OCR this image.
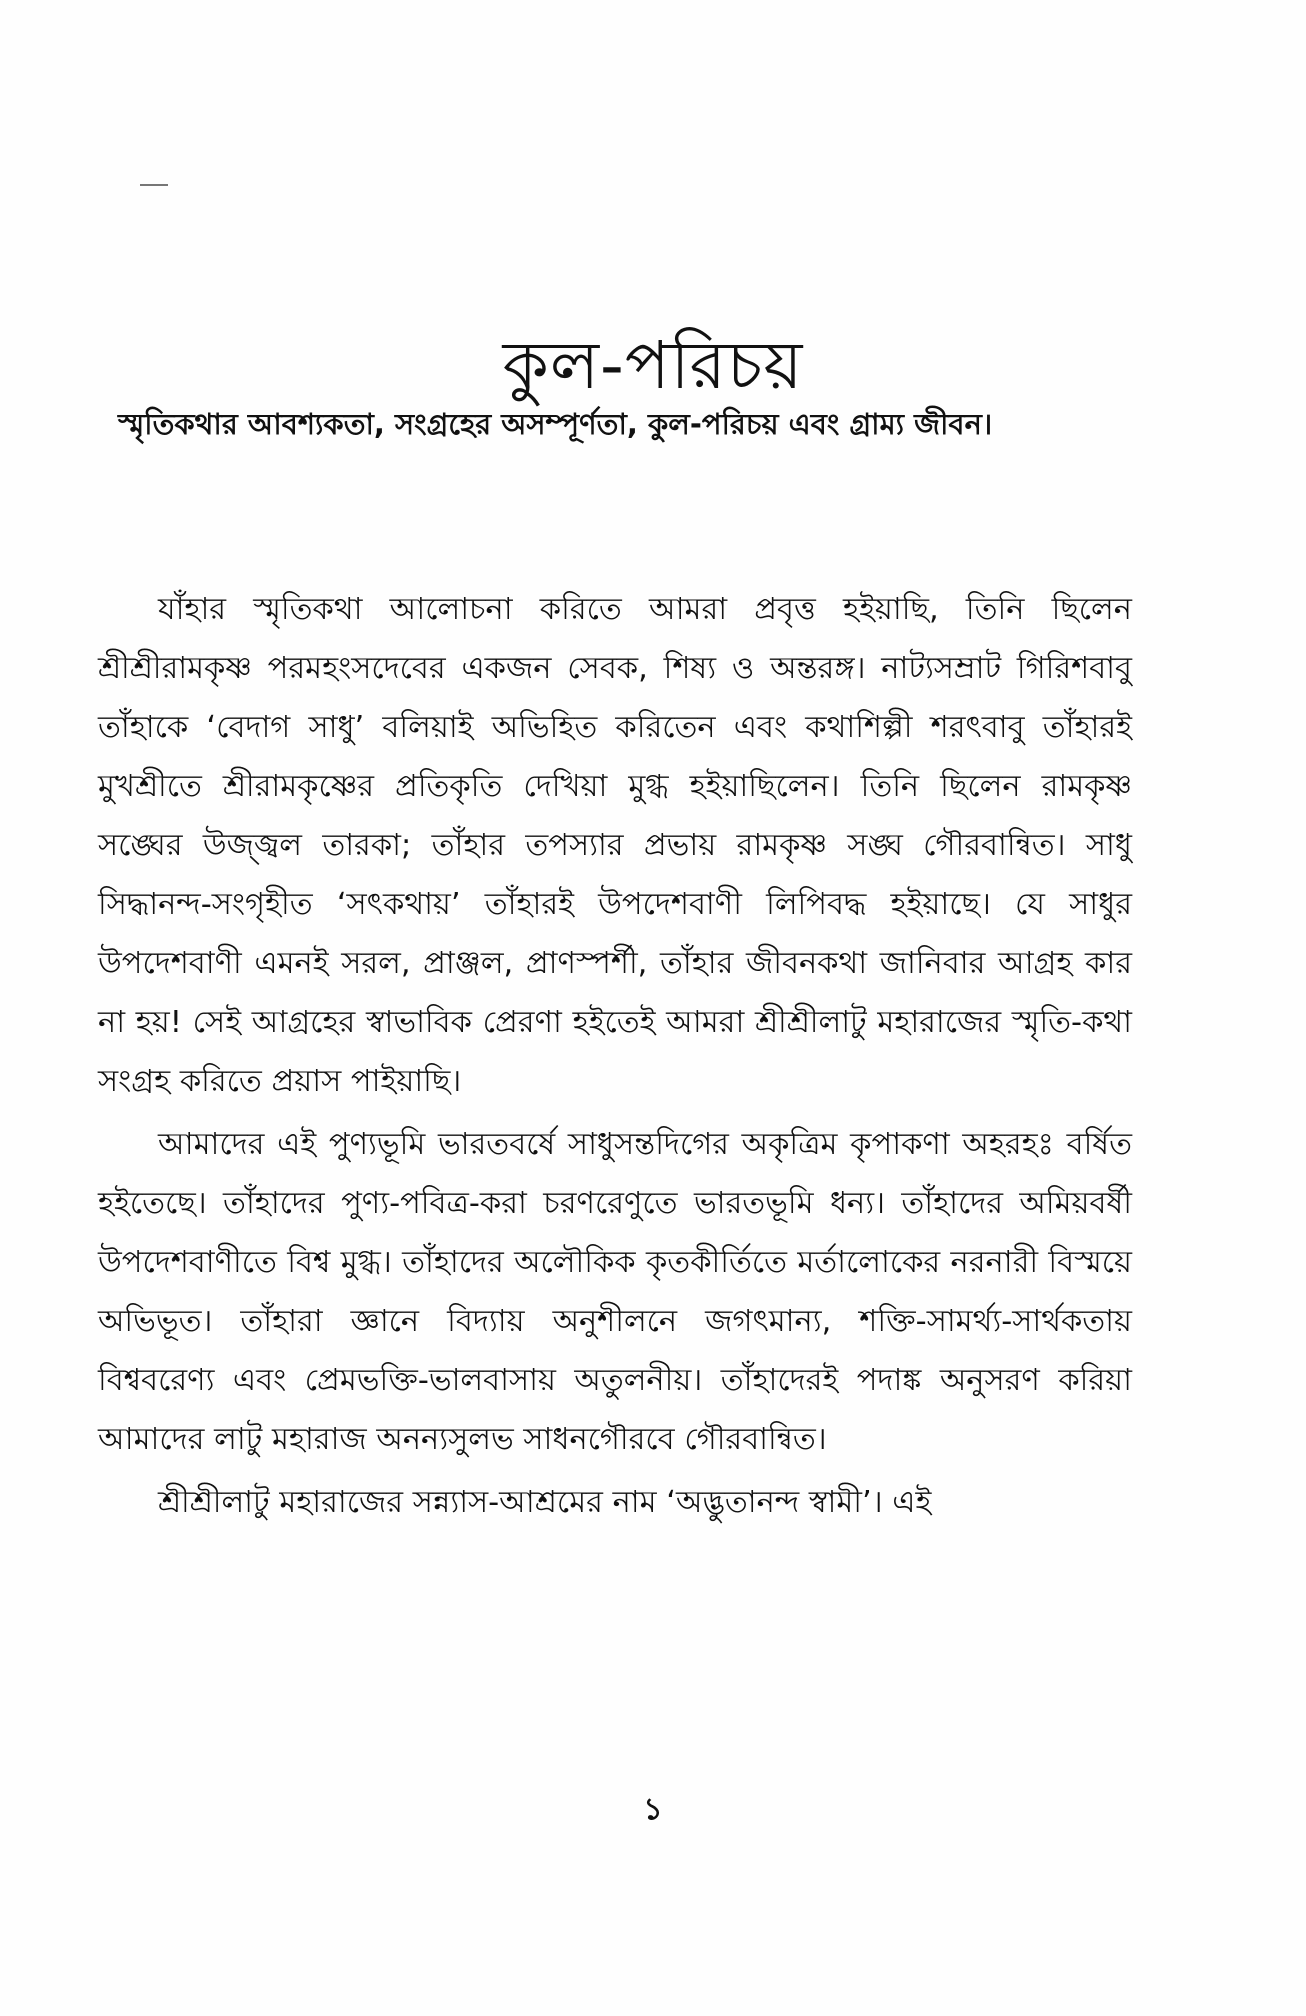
কুল-পরিচয়
স্মৃতিকথার আবশ্যকতা, সংগ্রহের অসম্পূর্ণতা, কুল-পরিচয় এবং গ্রাম্য জীবন।

যাঁহার স্মৃতিকথা আলোচনা করিতে আমরা প্রবৃত্ত হইয়াছি, তিনি ছিলেন শ্রীশ্রীরামকৃষ্ণ পরমহংসদেবের একজন সেবক, শিষ্য ও অন্তরঙ্গ। নাট্যসম্রাট গিরিশবাবু তাঁহাকে ‘বেদাগ সাধু’ বলিয়াই অভিহিত করিতেন এবং কথাশিল্পী শরৎবাবু তাঁহারই মুখশ্রীতে শ্রীরামকৃষ্ণের প্রতিকৃতি দেখিয়া মুগ্ধ হইয়াছিলেন। তিনি ছিলেন রামকৃষ্ণ সঙ্ঘের উজ্জ্বল তারকা; তাঁহার তপস্যার প্রভায় রামকৃষ্ণ সঙ্ঘ গৌরবান্বিত। সাধু সিদ্ধানন্দ-সংগৃহীত ‘সৎকথায়’ তাঁহারই উপদেশবাণী লিপিবদ্ধ হইয়াছে। যে সাধুর উপদেশবাণী এমনই সরল, প্রাঞ্জল, প্রাণস্পর্শী, তাঁহার জীবনকথা জানিবার আগ্রহ কার না হয়! সেই আগ্রহের স্বাভাবিক প্রেরণা হইতেই আমরা শ্রীশ্রীলাটু মহারাজের স্মৃতি-কথা সংগ্রহ করিতে প্রয়াস পাইয়াছি।

আমাদের এই পুণ্যভূমি ভারতবর্ষে সাধুসন্তদিগের অকৃত্রিম কৃপাকণা অহরহঃ বর্ষিত হইতেছে। তাঁহাদের পুণ্য-পবিত্র-করা চরণরেণুতে ভারতভূমি ধন্য। তাঁহাদের অমিয়বর্ষী উপদেশবাণীতে বিশ্ব মুগ্ধ। তাঁহাদের অলৌকিক কৃতকীর্তিতে মর্তালোকের নরনারী বিস্ময়ে অভিভূত। তাঁহারা জ্ঞানে বিদ্যায় অনুশীলনে জগৎমান্য, শক্তি-সামর্থ্য-সার্থকতায় বিশ্ববরেণ্য এবং প্রেমভক্তি-ভালবাসায় অতুলনীয়। তাঁহাদেরই পদাঙ্ক অনুসরণ করিয়া আমাদের লাটু মহারাজ অনন্যসুলভ সাধনগৌরবে গৌরবান্বিত।

শ্রীশ্রীলাটু মহারাজের সন্ন্যাস-আশ্রমের নাম ‘অদ্ভুতানন্দ স্বামী’। এই

১
